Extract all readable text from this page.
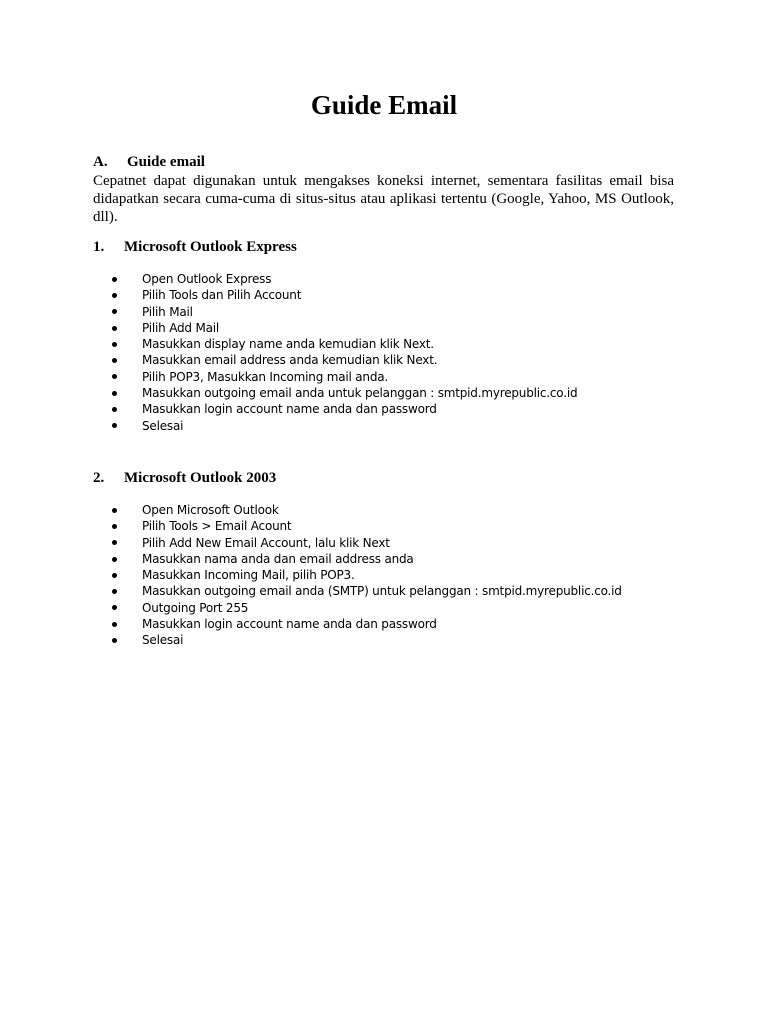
Guide Email
A.	Guide email

Cepatnet dapat digunakan untuk mengakses koneksi internet, sementara fasilitas email bisa didapatkan secara cuma-cuma di situs-situs atau aplikasi tertentu (Google, Yahoo, MS Outlook, dll).

1.	Microsoft Outlook Express
Open Outlook Express
Pilih Tools dan Pilih Account
Pilih Mail
Pilih Add Mail
Masukkan display name anda kemudian klik Next.
Masukkan email address anda kemudian klik Next.
Pilih POP3, Masukkan Incoming mail anda.
Masukkan outgoing email anda untuk pelanggan : smtpid.myrepublic.co.id
Masukkan login account name anda dan password
Selesai
2.	Microsoft Outlook 2003
Open Microsoft Outlook
Pilih Tools > Email Acount
Pilih Add New Email Account, lalu klik Next
Masukkan nama anda dan email address anda
Masukkan Incoming Mail, pilih POP3.
Masukkan outgoing email anda (SMTP) untuk pelanggan : smtpid.myrepublic.co.id
Outgoing Port 255
Masukkan login account name anda dan password
Selesai
